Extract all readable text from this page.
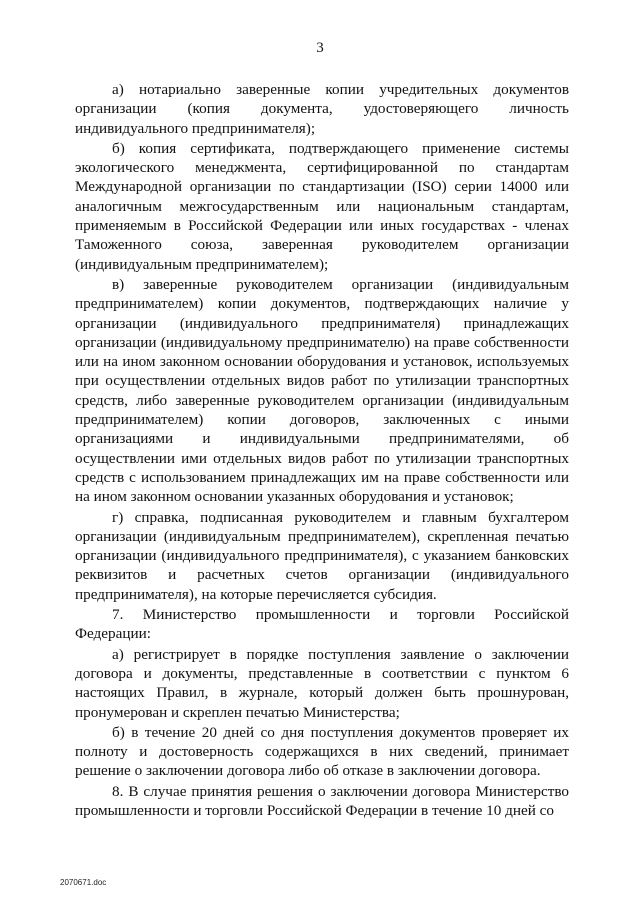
3

а) нотариально заверенные копии учредительных документов организации (копия документа, удостоверяющего личность индивидуального предпринимателя);

б) копия сертификата, подтверждающего применение системы экологического менеджмента, сертифицированной по стандартам Международной организации по стандартизации (ISO) серии 14000 или аналогичным межгосударственным или национальным стандартам, применяемым в Российской Федерации или иных государствах - членах Таможенного союза, заверенная руководителем организации (индивидуальным предпринимателем);

в) заверенные руководителем организации (индивидуальным предпринимателем) копии документов, подтверждающих наличие у организации (индивидуального предпринимателя) принадлежащих организации (индивидуальному предпринимателю) на праве собственности или на ином законном основании оборудования и установок, используемых при осуществлении отдельных видов работ по утилизации транспортных средств, либо заверенные руководителем организации (индивидуальным предпринимателем) копии договоров, заключенных с иными организациями и индивидуальными предпринимателями, об осуществлении ими отдельных видов работ по утилизации транспортных средств с использованием принадлежащих им на праве собственности или на ином законном основании указанных оборудования и установок;

г) справка, подписанная руководителем и главным бухгалтером организации (индивидуальным предпринимателем), скрепленная печатью организации (индивидуального предпринимателя), с указанием банковских реквизитов и расчетных счетов организации (индивидуального предпринимателя), на которые перечисляется субсидия.

7. Министерство промышленности и торговли Российской Федерации:

а) регистрирует в порядке поступления заявление о заключении договора и документы, представленные в соответствии с пунктом 6 настоящих Правил, в журнале, который должен быть прошнурован, пронумерован и скреплен печатью Министерства;

б) в течение 20 дней со дня поступления документов проверяет их полноту и достоверность содержащихся в них сведений, принимает решение о заключении договора либо об отказе в заключении договора.

8. В случае принятия решения о заключении договора Министерство промышленности и торговли Российской Федерации в течение 10 дней со

2070671.doc
